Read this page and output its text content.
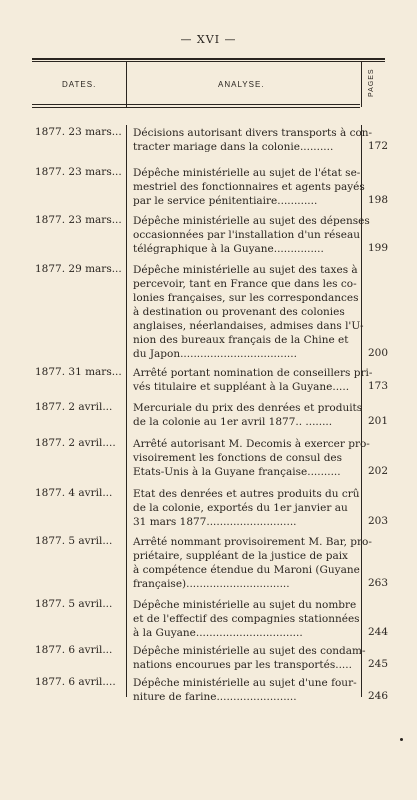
— XVI —
DATES.	ANALYSE.	PAGES
1877. 23 mars...	Décisions autorisant divers transports à con-
tracter mariage dans la colonie..........	172
1877. 23 mars...	Dépêche ministérielle au sujet de l'état se-
mestriel des fonctionnaires et agents payés
par le service pénitentiaire............	198
1877. 23 mars...	Dépêche ministérielle au sujet des dépenses
occasionnées par l'installation d'un réseau
télégraphique à la Guyane...............	199
1877. 29 mars...	Dépêche ministérielle au sujet des taxes à
percevoir, tant en France que dans les co-
lonies françaises, sur les correspondances
à destination ou provenant des colonies
anglaises, néerlandaises, admises dans l'U-
nion des bureaux français de la Chine et
du Japon...................................	200
1877. 31 mars...	Arrêté portant nomination de conseillers pri-
vés titulaire et suppléant à la Guyane.....	173
1877. 2 avril...	Mercuriale du prix des denrées et produits
de la colonie au 1er avril 1877.. ........	201
1877. 2 avril....	Arrêté autorisant M. Decomis à exercer pro-
visoirement les fonctions de consul des
Etats-Unis à la Guyane française..........	202
1877. 4 avril...	Etat des denrées et autres produits du crû
de la colonie, exportés du 1er janvier au
31 mars 1877...........................	203
1877. 5 avril...	Arrêté nommant provisoirement M. Bar, pro-
priétaire, suppléant de la justice de paix
à compétence étendue du Maroni (Guyane
française)...............................	263
1877. 5 avril...	Dépêche ministérielle au sujet du nombre
et de l'effectif des compagnies stationnées
à la Guyane................................	244
1877. 6 avril...	Dépêche ministérielle au sujet des condam-
nations encourues par les transportés.....	245
1877. 6 avril....	Dépêche ministérielle au sujet d'une four-
niture de farine........................	246
